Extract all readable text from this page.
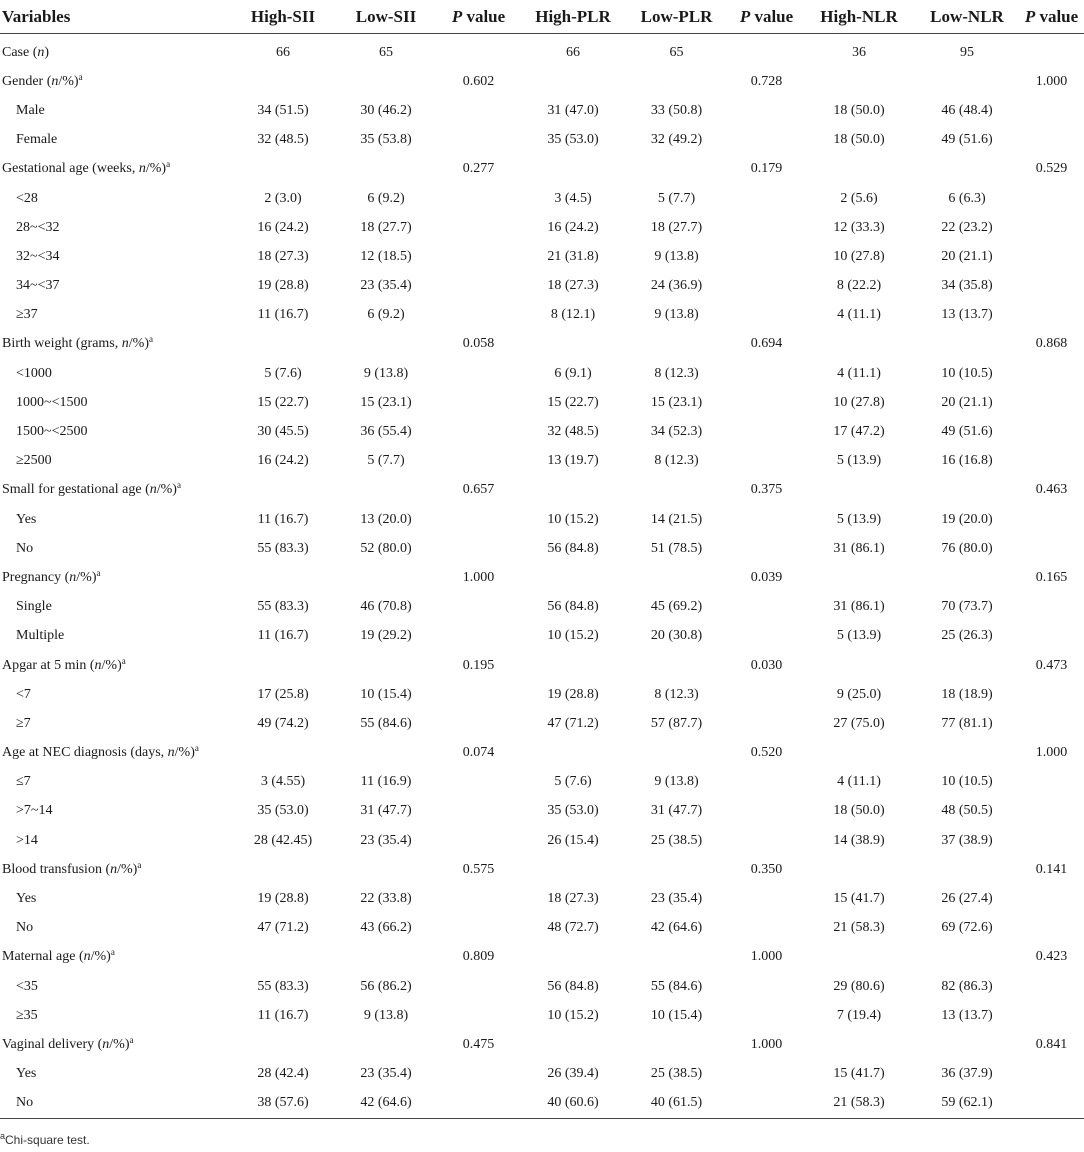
Variables	High-SII	Low-SII	P value	High-PLR	Low-PLR	P value	High-NLR	Low-NLR	P value
Case (n)	66	65		66	65		36	95	
Gender $(n/\%)^a$			0.602			0.728			1.000
Male	34 (51.5)	30 (46.2)		31 (47.0)	33 (50.8)		18 (50.0)	46 (48.4)	
Female	32 (48.5)	35 (53.8)		35 (53.0)	32 (49.2)		18 (50.0)	49 (51.6)	
Gestational age (weeks, n/%)$^a$			0.277			0.179			0.529
<28	2 (3.0)	6 (9.2)		3 (4.5)	5 (7.7)		2 (5.6)	6 (6.3)	
28~<32	16 (24.2)	18 (27.7)		16 (24.2)	18 (27.7)		12 (33.3)	22 (23.2)	
32~<34	18 (27.3)	12 (18.5)		21 (31.8)	9 (13.8)		10 (27.8)	20 (21.1)	
34~<37	19 (28.8)	23 (35.4)		18 (27.3)	24 (36.9)		8 (22.2)	34 (35.8)	
≥37	11 (16.7)	6 (9.2)		8 (12.1)	9 (13.8)		4 (11.1)	13 (13.7)	
Birth weight (grams, n/%)$^a$			0.058			0.694			0.868
<1000	5 (7.6)	9 (13.8)		6 (9.1)	8 (12.3)		4 (11.1)	10 (10.5)	
1000~<1500	15 (22.7)	15 (23.1)		15 (22.7)	15 (23.1)		10 (27.8)	20 (21.1)	
1500~<2500	30 (45.5)	36 (55.4)		32 (48.5)	34 (52.3)		17 (47.2)	49 (51.6)	
≥2500	16 (24.2)	5 (7.7)		13 (19.7)	8 (12.3)		5 (13.9)	16 (16.8)	
Small for gestational age $(n/\%)^a$			0.657			0.375			0.463
Yes	11 (16.7)	13 (20.0)		10 (15.2)	14 (21.5)		5 (13.9)	19 (20.0)	
No	55 (83.3)	52 (80.0)		56 (84.8)	51 (78.5)		31 (86.1)	76 (80.0)	
Pregnancy $(n/\%)^a$			1.000			0.039			0.165
Single	55 (83.3)	46 (70.8)		56 (84.8)	45 (69.2)		31 (86.1)	70 (73.7)	
Multiple	11 (16.7)	19 (29.2)		10 (15.2)	20 (30.8)		5 (13.9)	25 (26.3)	
Apgar at 5 $\min (n/\%)^a$			0.195			0.030			0.473
<7	17 (25.8)	10 (15.4)		19 (28.8)	8 (12.3)		9 (25.0)	18 (18.9)	
≥7	49 (74.2)	55 (84.6)		47 (71.2)	57 (87.7)		27 (75.0)	77 (81.1)	
Age at NEC diagnosis (days, n/%)$^a$			0.074			0.520			1.000
≤7	3 (4.55)	11 (16.9)		5 (7.6)	9 (13.8)		4 (11.1)	10 (10.5)	
>7~14	35 (53.0)	31 (47.7)		35 (53.0)	31 (47.7)		18 (50.0)	48 (50.5)	
>14	28 (42.45)	23 (35.4)		26 (15.4)	25 (38.5)		14 (38.9)	37 (38.9)	
Blood transfusion $(n/\%)^a$			0.575			0.350			0.141
Yes	19 (28.8)	22 (33.8)		18 (27.3)	23 (35.4)		15 (41.7)	26 (27.4)	
No	47 (71.2)	43 (66.2)		48 (72.7)	42 (64.6)		21 (58.3)	69 (72.6)	
Maternal age $(n/\%)^a$			0.809			1.000			0.423
<35	55 (83.3)	56 (86.2)		56 (84.8)	55 (84.6)		29 (80.6)	82 (86.3)	
≥35	11 (16.7)	9 (13.8)		10 (15.2)	10 (15.4)		7 (19.4)	13 (13.7)	
Vaginal delivery $(n/\%)^a$			0.475			1.000			0.841
Yes	28 (42.4)	23 (35.4)		26 (39.4)	25 (38.5)		15 (41.7)	36 (37.9)	
No	38 (57.6)	42 (64.6)		40 (60.6)	40 (61.5)		21 (58.3)	59 (62.1)	
$^a$Chi-square test.
